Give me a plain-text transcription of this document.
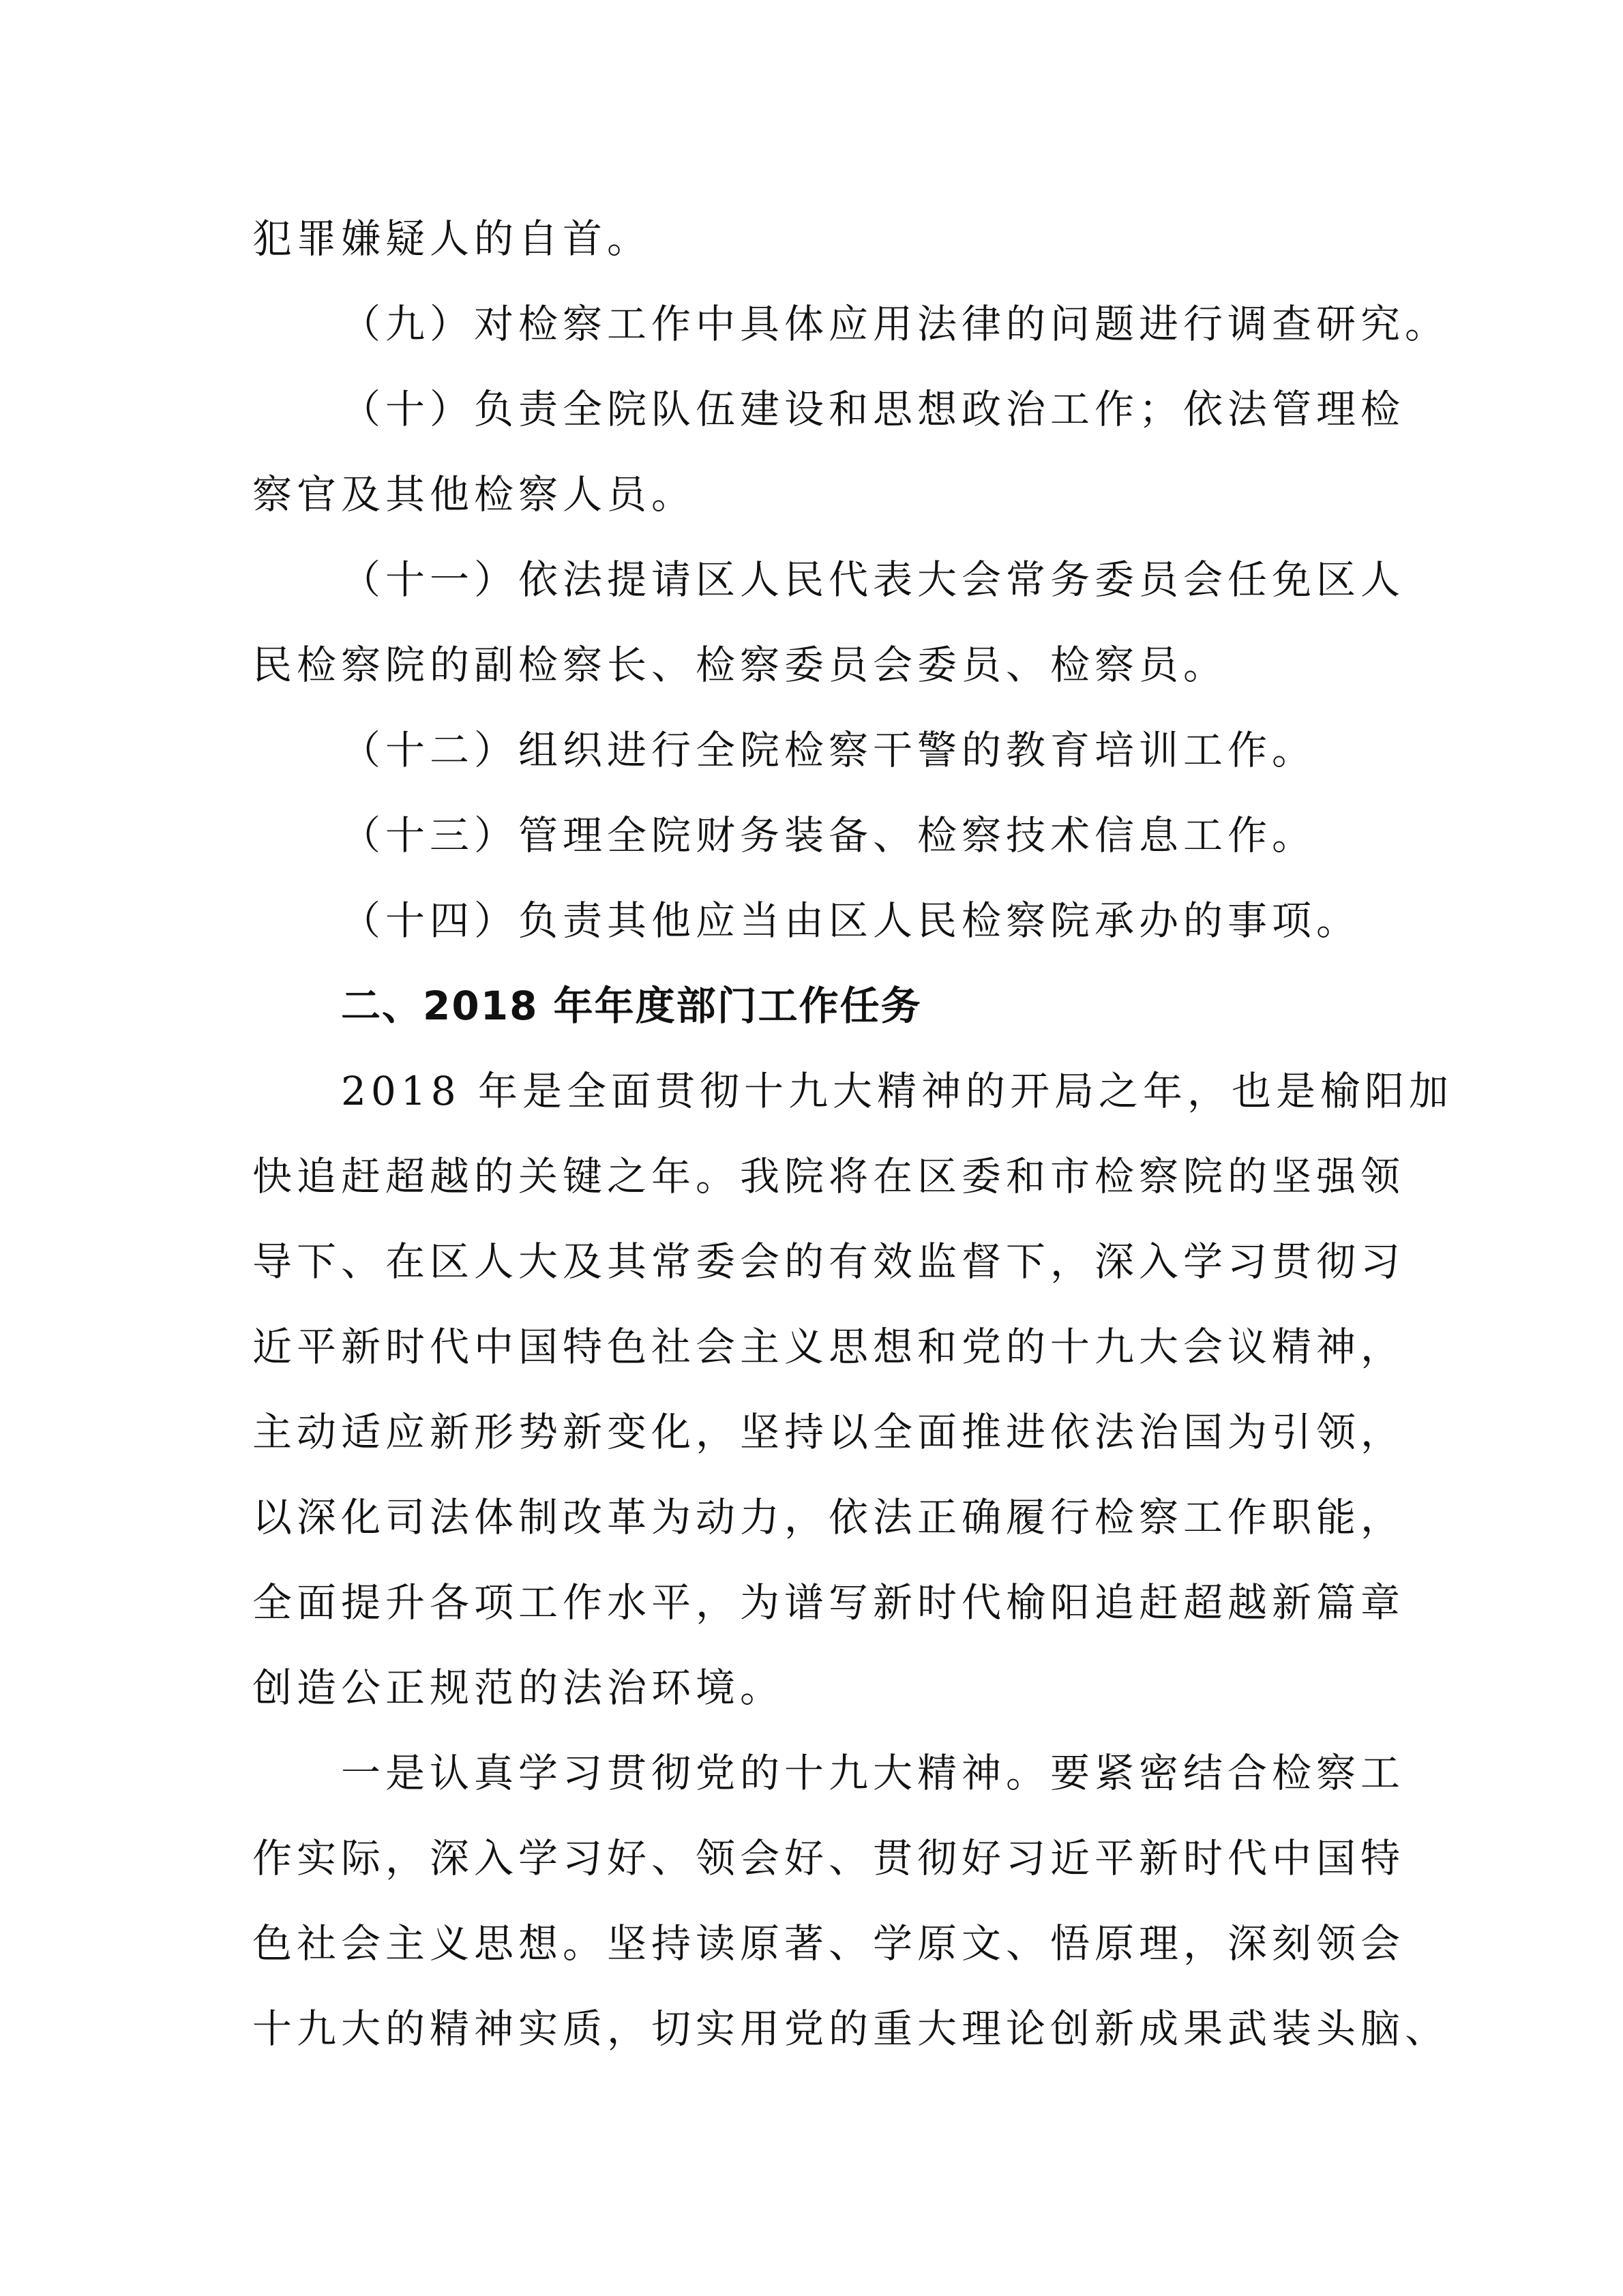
犯罪嫌疑人的自首。
（九）对检察工作中具体应用法律的问题进行调查研究。
（十）负责全院队伍建设和思想政治工作；依法管理检
察官及其他检察人员。
（十一）依法提请区人民代表大会常务委员会任免区人
民检察院的副检察长、检察委员会委员、检察员。
（十二）组织进行全院检察干警的教育培训工作。
（十三）管理全院财务装备、检察技术信息工作。
（十四）负责其他应当由区人民检察院承办的事项。
二、2018 年年度部门工作任务
2018 年是全面贯彻十九大精神的开局之年，也是榆阳加
快追赶超越的关键之年。我院将在区委和市检察院的坚强领
导下、在区人大及其常委会的有效监督下，深入学习贯彻习
近平新时代中国特色社会主义思想和党的十九大会议精神，
主动适应新形势新变化，坚持以全面推进依法治国为引领，
以深化司法体制改革为动力，依法正确履行检察工作职能，
全面提升各项工作水平，为谱写新时代榆阳追赶超越新篇章
创造公正规范的法治环境。
一是认真学习贯彻党的十九大精神。要紧密结合检察工
作实际，深入学习好、领会好、贯彻好习近平新时代中国特
色社会主义思想。坚持读原著、学原文、悟原理，深刻领会
十九大的精神实质，切实用党的重大理论创新成果武装头脑、
